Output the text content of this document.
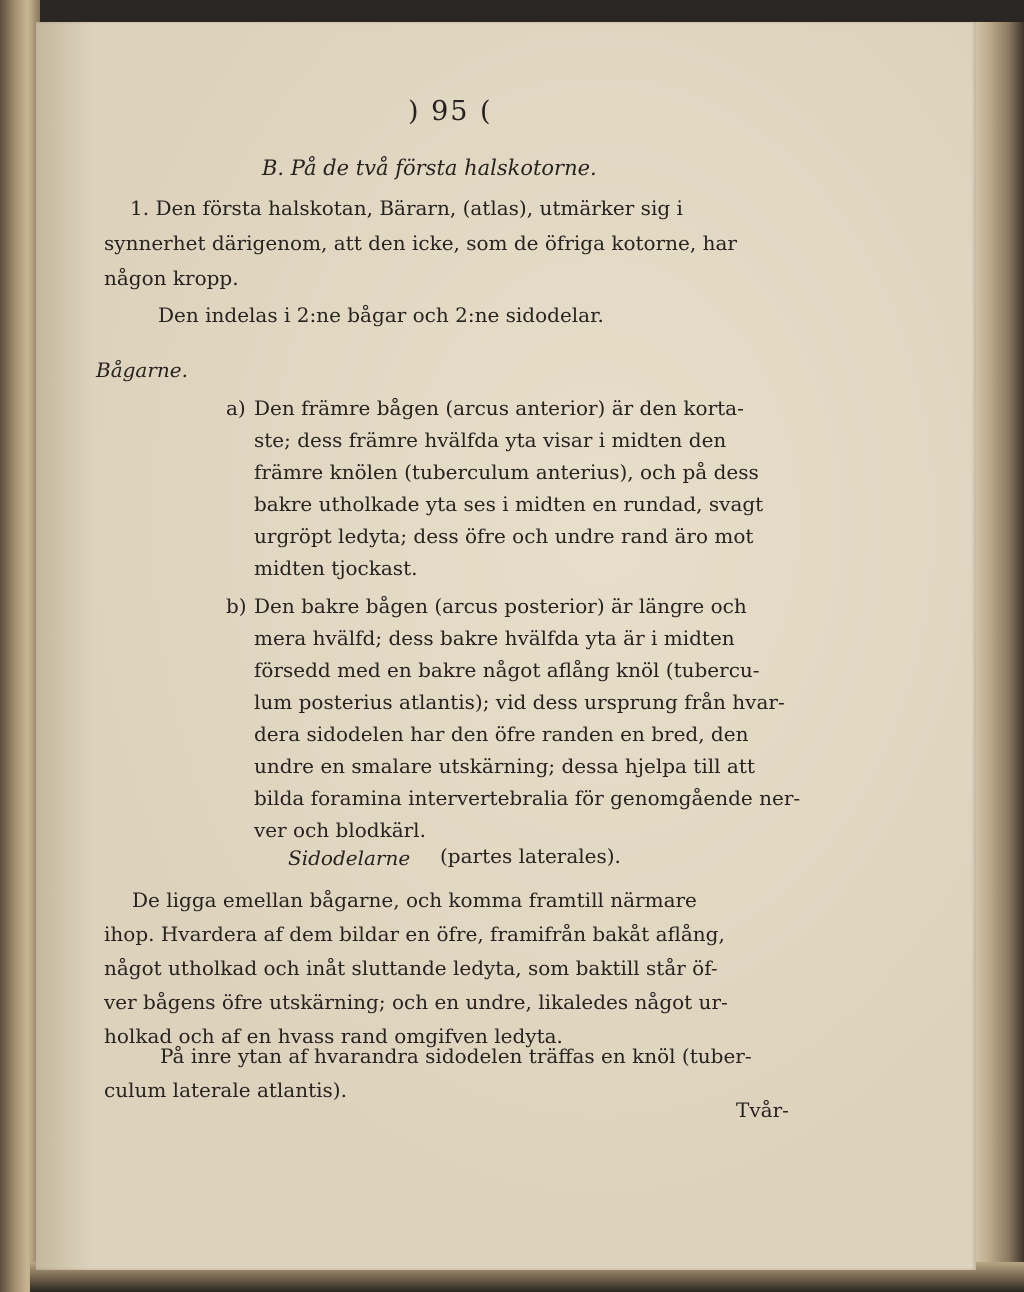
) 95 (
B. På de två första halskotorne.
1. Den första halskotan, Bärarn, (atlas), utmärker sig i
synnerhet därigenom, att den icke, som de öfriga kotorne, har
någon kropp.
Den indelas i 2:ne bågar och 2:ne sidodelar.
Bågarne.
a) Den främre bågen (arcus anterior) är den korta-
ste; dess främre hvälfda yta visar i midten den
främre knölen (tuberculum anterius), och på dess
bakre utholkade yta ses i midten en rundad, svagt
urgröpt ledyta; dess öfre och undre rand äro mot
midten tjockast.
b) Den bakre bågen (arcus posterior) är längre och
mera hvälfd; dess bakre hvälfda yta är i midten
försedd med en bakre något aflång knöl (tubercu-
lum posterius atlantis); vid dess ursprung från hvar-
dera sidodelen har den öfre randen en bred, den
undre en smalare utskärning; dessa hjelpa till att
bilda foramina intervertebralia för genomgående ner-
ver och blodkärl.
Sidodelarne (partes laterales).
De ligga emellan bågarne, och komma framtill närmare
ihop. Hvardera af dem bildar en öfre, framifrån bakåt aflång,
något utholkad och inåt sluttande ledyta, som baktill står öf-
ver bågens öfre utskärning; och en undre, likaledes något ur-
holkad och af en hvass rand omgifven ledyta.
På inre ytan af hvarandra sidodelen träffas en knöl (tuber-
culum laterale atlantis).
Tvår-
